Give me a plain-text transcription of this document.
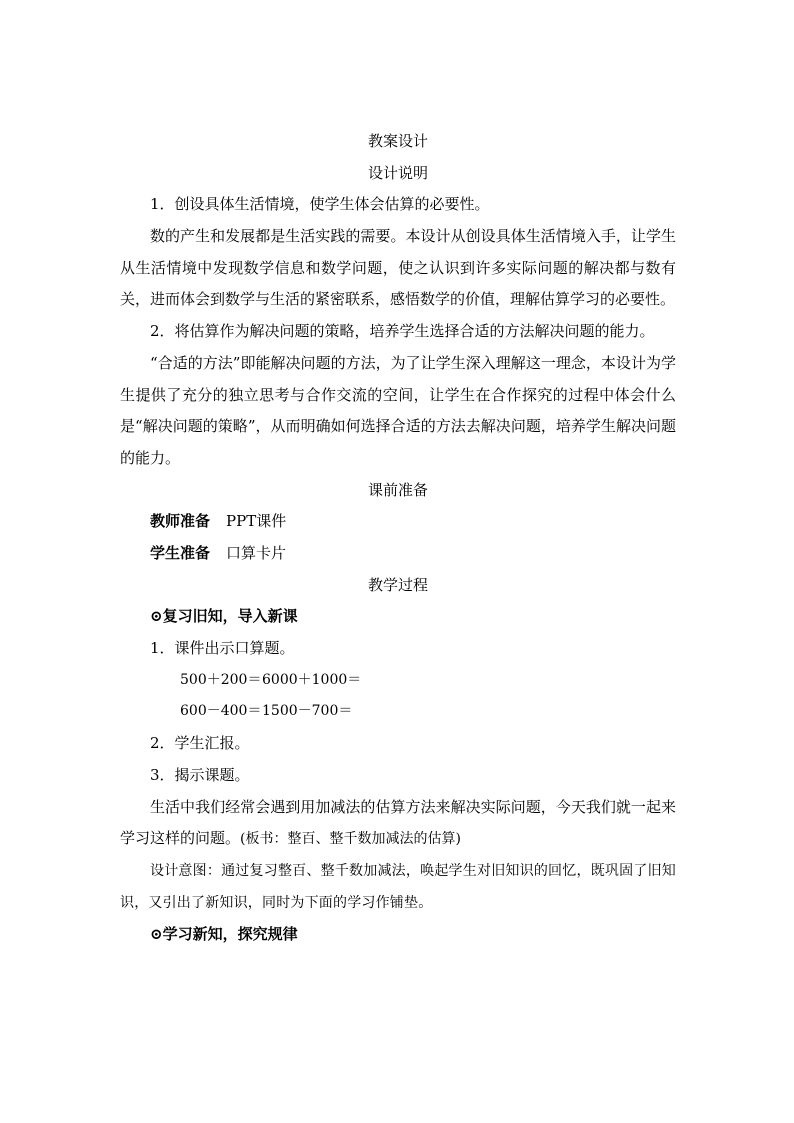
教案设计
设计说明
1．创设具体生活情境，使学生体会估算的必要性。

数的产生和发展都是生活实践的需要。本设计从创设具体生活情境入手，让学生从生活情境中发现数学信息和数学问题，使之认识到许多实际问题的解决都与数有关，进而体会到数学与生活的紧密联系，感悟数学的价值，理解估算学习的必要性。

2．将估算作为解决问题的策略，培养学生选择合适的方法解决问题的能力。

“合适的方法”即能解决问题的方法，为了让学生深入理解这一理念，本设计为学生提供了充分的独立思考与合作交流的空间，让学生在合作探究的过程中体会什么是“解决问题的策略”，从而明确如何选择合适的方法去解决问题，培养学生解决问题的能力。

课前准备
教师准备 PPT课件
学生准备 口算卡片
教学过程
⊙复习旧知，导入新课
1．课件出示口算题。
500＋200＝6000＋1000＝
600－400＝1500－700＝
2．学生汇报。
3．揭示课题。

生活中我们经常会遇到用加减法的估算方法来解决实际问题，今天我们就一起来学习这样的问题。(板书：整百、整千数加减法的估算)

设计意图：通过复习整百、整千数加减法，唤起学生对旧知识的回忆，既巩固了旧知识，又引出了新知识，同时为下面的学习作铺垫。

⊙学习新知，探究规律
